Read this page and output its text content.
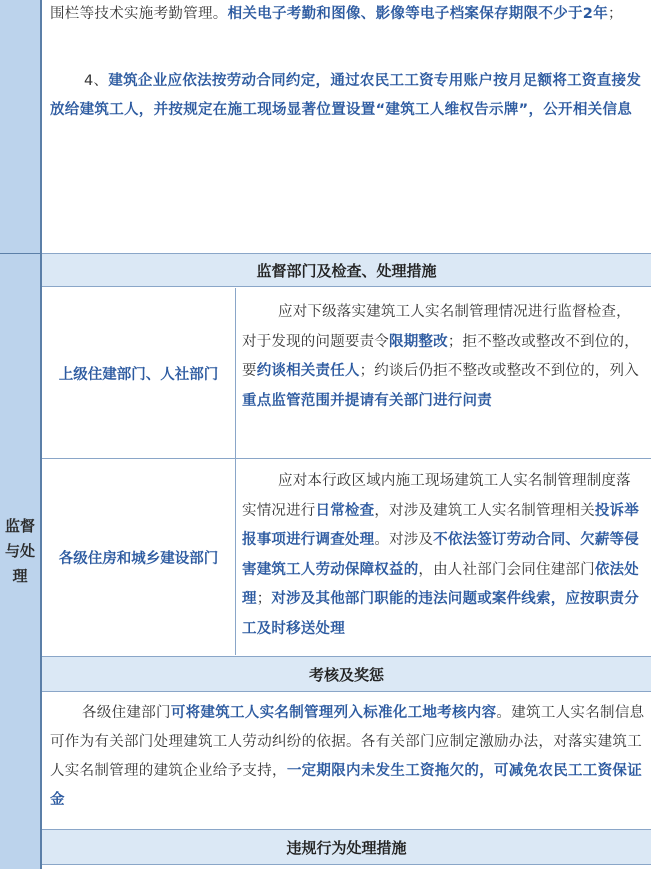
监督
与处
理
围栏等技术实施考勤管理。相关电子考勤和图像、影像等电子档案保存期限不少于2年；
4、建筑企业应依法按劳动合同约定，通过农民工工资专用账户按月足额将工资直接发放给建筑工人，并按规定在施工现场显著位置设置“建筑工人维权告示牌”，公开相关信息
监督部门及检查、处理措施
上级住建部门、人社部门
应对下级落实建筑工人实名制管理情况进行监督检查，对于发现的问题要责令限期整改；拒不整改或整改不到位的，要约谈相关责任人；约谈后仍拒不整改或整改不到位的，列入重点监管范围并提请有关部门进行问责
各级住房和城乡建设部门
应对本行政区域内施工现场建筑工人实名制管理制度落实情况进行日常检查，对涉及建筑工人实名制管理相关投诉举报事项进行调查处理。对涉及不依法签订劳动合同、欠薪等侵害建筑工人劳动保障权益的，由人社部门会同住建部门依法处理；对涉及其他部门职能的违法问题或案件线索，应按职责分工及时移送处理
考核及奖惩
各级住建部门可将建筑工人实名制管理列入标准化工地考核内容。建筑工人实名制信息可作为有关部门处理建筑工人劳动纠纷的依据。各有关部门应制定激励办法，对落实建筑工人实名制管理的建筑企业给予支持，一定期限内未发生工资拖欠的，可减免农民工工资保证金
违规行为处理措施
